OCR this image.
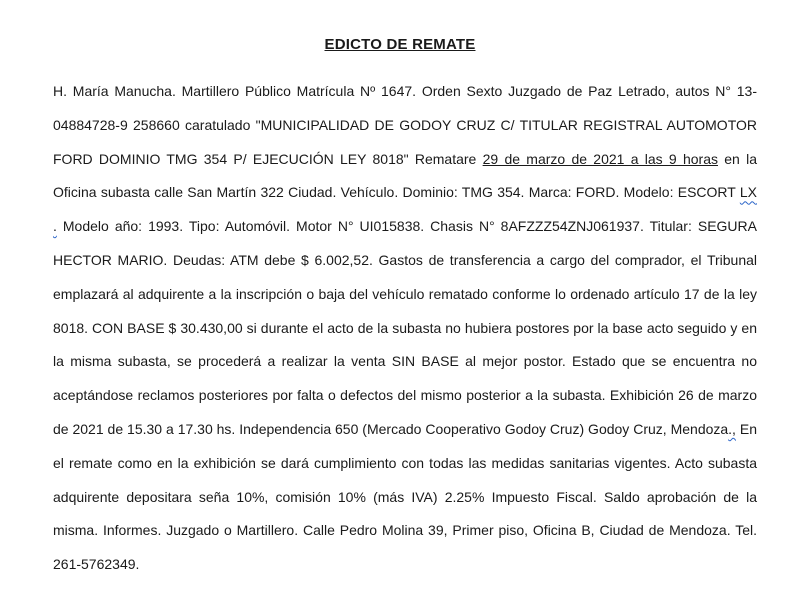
EDICTO DE REMATE

H. María Manucha. Martillero Público Matrícula Nº 1647. Orden Sexto Juzgado de Paz Letrado, autos N° 13-04884728-9 258660 caratulado "MUNICIPALIDAD DE GODOY CRUZ C/ TITULAR REGISTRAL AUTOMOTOR FORD DOMINIO TMG 354 P/ EJECUCIÓN LEY 8018" Rematare 29 de marzo de 2021 a las 9 horas en la Oficina subasta calle San Martín 322 Ciudad. Vehículo. Dominio: TMG 354. Marca: FORD. Modelo: ESCORT LX . Modelo año: 1993. Tipo: Automóvil. Motor N° UI015838. Chasis N° 8AFZZZ54ZNJ061937. Titular: SEGURA HECTOR MARIO. Deudas: ATM debe $ 6.002,52. Gastos de transferencia a cargo del comprador, el Tribunal emplazará al adquirente a la inscripción o baja del vehículo rematado conforme lo ordenado artículo 17 de la ley 8018. CON BASE $ 30.430,00 si durante el acto de la subasta no hubiera postores por la base acto seguido y en la misma subasta, se procederá a realizar la venta SIN BASE al mejor postor. Estado que se encuentra no aceptándose reclamos posteriores por falta o defectos del mismo posterior a la subasta. Exhibición 26 de marzo de 2021 de 15.30 a 17.30 hs. Independencia 650 (Mercado Cooperativo Godoy Cruz) Godoy Cruz, Mendoza., En el remate como en la exhibición se dará cumplimiento con todas las medidas sanitarias vigentes. Acto subasta adquirente depositara seña 10%, comisión 10% (más IVA) 2.25% Impuesto Fiscal. Saldo aprobación de la misma. Informes. Juzgado o Martillero. Calle Pedro Molina 39, Primer piso, Oficina B, Ciudad de Mendoza. Tel. 261-5762349.
